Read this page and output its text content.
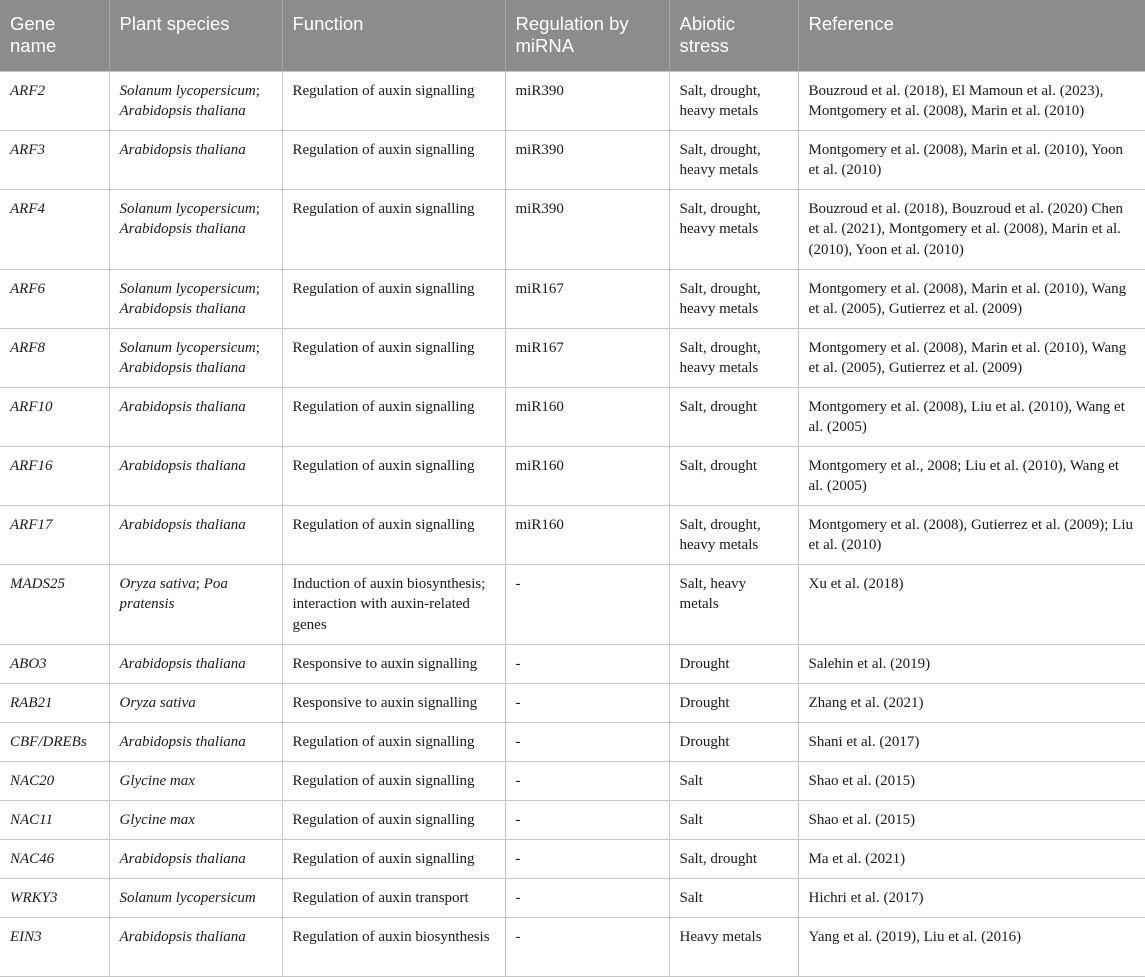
Gene name	Plant species	Function	Regulation by miRNA	Abiotic stress	Reference
ARF2	Solanum lycopersicum; Arabidopsis thaliana	Regulation of auxin signalling	miR390	Salt, drought, heavy metals	Bouzroud et al. (2018), El Mamoun et al. (2023), Montgomery et al. (2008), Marin et al. (2010)
ARF3	Arabidopsis thaliana	Regulation of auxin signalling	miR390	Salt, drought, heavy metals	Montgomery et al. (2008), Marin et al. (2010), Yoon et al. (2010)
ARF4	Solanum lycopersicum; Arabidopsis thaliana	Regulation of auxin signalling	miR390	Salt, drought, heavy metals	Bouzroud et al. (2018), Bouzroud et al. (2020) Chen et al. (2021), Montgomery et al. (2008), Marin et al. (2010), Yoon et al. (2010)
ARF6	Solanum lycopersicum; Arabidopsis thaliana	Regulation of auxin signalling	miR167	Salt, drought, heavy metals	Montgomery et al. (2008), Marin et al. (2010), Wang et al. (2005), Gutierrez et al. (2009)
ARF8	Solanum lycopersicum; Arabidopsis thaliana	Regulation of auxin signalling	miR167	Salt, drought, heavy metals	Montgomery et al. (2008), Marin et al. (2010), Wang et al. (2005), Gutierrez et al. (2009)
ARF10	Arabidopsis thaliana	Regulation of auxin signalling	miR160	Salt, drought	Montgomery et al. (2008), Liu et al. (2010), Wang et al. (2005)
ARF16	Arabidopsis thaliana	Regulation of auxin signalling	miR160	Salt, drought	Montgomery et al., 2008; Liu et al. (2010), Wang et al. (2005)
ARF17	Arabidopsis thaliana	Regulation of auxin signalling	miR160	Salt, drought, heavy metals	Montgomery et al. (2008), Gutierrez et al. (2009); Liu et al. (2010)
MADS25	Oryza sativa; Poa pratensis	Induction of auxin biosynthesis; interaction with auxin-related genes	-	Salt, heavy metals	Xu et al. (2018)
ABO3	Arabidopsis thaliana	Responsive to auxin signalling	-	Drought	Salehin et al. (2019)
RAB21	Oryza sativa	Responsive to auxin signalling	-	Drought	Zhang et al. (2021)
CBF/DREBs	Arabidopsis thaliana	Regulation of auxin signalling	-	Drought	Shani et al. (2017)
NAC20	Glycine max	Regulation of auxin signalling	-	Salt	Shao et al. (2015)
NAC11	Glycine max	Regulation of auxin signalling	-	Salt	Shao et al. (2015)
NAC46	Arabidopsis thaliana	Regulation of auxin signalling	-	Salt, drought	Ma et al. (2021)
WRKY3	Solanum lycopersicum	Regulation of auxin transport	-	Salt	Hichri et al. (2017)
EIN3	Arabidopsis thaliana	Regulation of auxin biosynthesis	-	Heavy metals	Yang et al. (2019), Liu et al. (2016)
